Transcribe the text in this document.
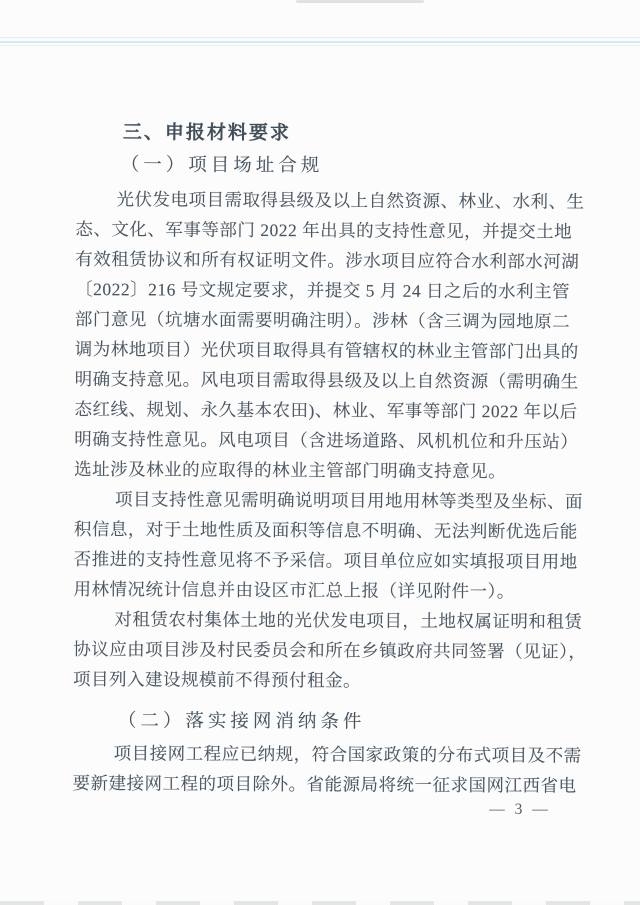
三、申报材料要求
（一）项目场址合规

光伏发电项目需取得县级及以上自然资源、林业、水利、生
态、文化、军事等部门 2022 年出具的支持性意见，并提交土地
有效租赁协议和所有权证明文件。涉水项目应符合水利部水河湖
〔2022〕216 号文规定要求，并提交 5 月 24 日之后的水利主管
部门意见（坑塘水面需要明确注明）。涉林（含三调为园地原二
调为林地项目）光伏项目取得具有管辖权的林业主管部门出具的
明确支持意见。风电项目需取得县级及以上自然资源（需明确生
态红线、规划、永久基本农田)、林业、军事等部门 2022 年以后
明确支持性意见。风电项目（含进场道路、风机机位和升压站）
选址涉及林业的应取得的林业主管部门明确支持意见。

项目支持性意见需明确说明项目用地用林等类型及坐标、面
积信息，对于土地性质及面积等信息不明确、无法判断优选后能
否推进的支持性意见将不予采信。项目单位应如实填报项目用地
用林情况统计信息并由设区市汇总上报（详见附件一）。

对租赁农村集体土地的光伏发电项目，土地权属证明和租赁
协议应由项目涉及村民委员会和所在乡镇政府共同签署（见证），
项目列入建设规模前不得预付租金。

（二）落实接网消纳条件

项目接网工程应已纳规，符合国家政策的分布式项目及不需
要新建接网工程的项目除外。省能源局将统一征求国网江西省电

— 3 —
